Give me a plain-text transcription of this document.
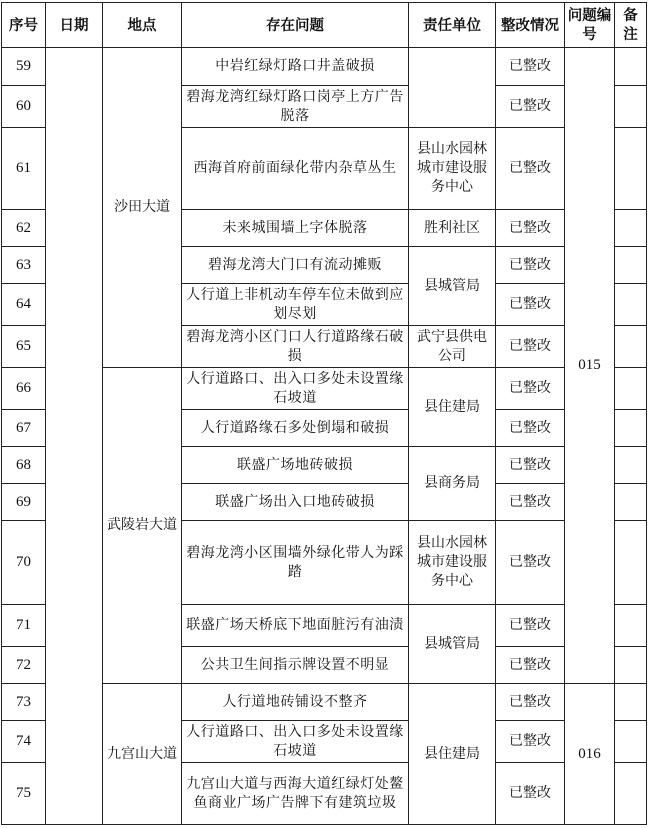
序号	日期	地点	存在问题	责任单位	整改情况	问题编号	备注
59		沙田大道	中岩红绿灯路口井盖破损		已整改	015	
60			碧海龙湾红绿灯路口岗亭上方广告脱落		已整改		
61			西海首府前面绿化带内杂草丛生	县山水园林城市建设服务中心	已整改		
62			未来城围墙上字体脱落	胜利社区	已整改		
63			碧海龙湾大门口有流动摊贩	县城管局	已整改		
64			人行道上非机动车停车位未做到应划尽划		已整改		
65			碧海龙湾小区门口人行道路缘石破损	武宁县供电公司	已整改		
66		武陵岩大道	人行道路口、出入口多处未设置缘石坡道	县住建局	已整改		
67			人行道路缘石多处倒塌和破损		已整改		
68			联盛广场地砖破损	县商务局	已整改		
69			联盛广场出入口地砖破损		已整改		
70			碧海龙湾小区围墙外绿化带人为踩踏	县山水园林城市建设服务中心	已整改		
71			联盛广场天桥底下地面脏污有油渍	县城管局	已整改		
72			公共卫生间指示牌设置不明显		已整改		
73		九宫山大道	人行道地砖铺设不整齐	县住建局	已整改	016	
74			人行道路口、出入口多处未设置缘石坡道		已整改		
75			九宫山大道与西海大道红绿灯处鳌鱼商业广场广告牌下有建筑垃圾		已整改		
